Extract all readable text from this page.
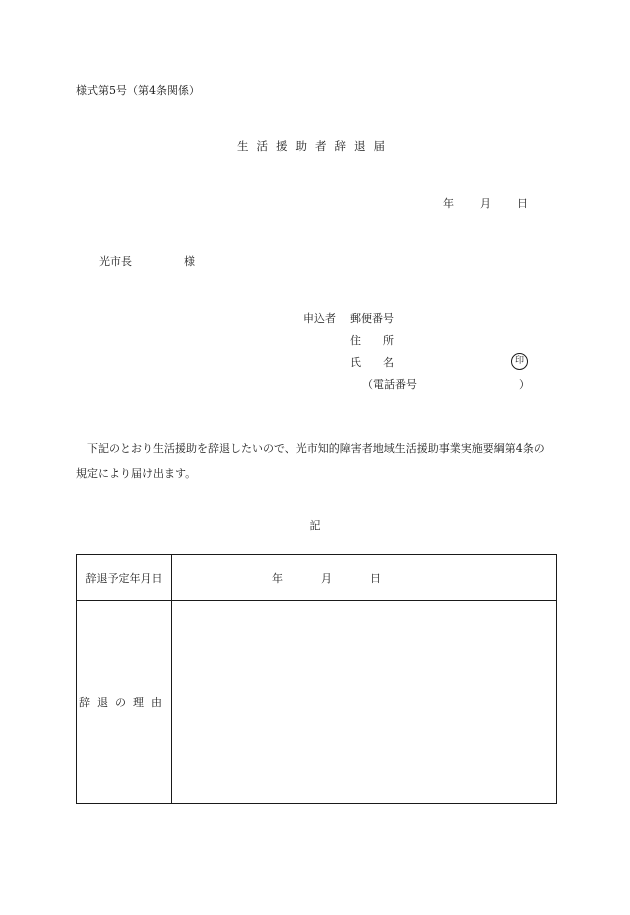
様式第5号（第4条関係）
生活援助者辞退届
年 月 日
光市長	様
申込者 郵便番号
住　　所
氏　　名	印
（電話番号	）
下記のとおり生活援助を辞退したいので、光市知的障害者地域生活援助事業実施要綱第4条の規定により届け出ます。
記
辞退予定年月日	年 月 日
辞退の理由	
